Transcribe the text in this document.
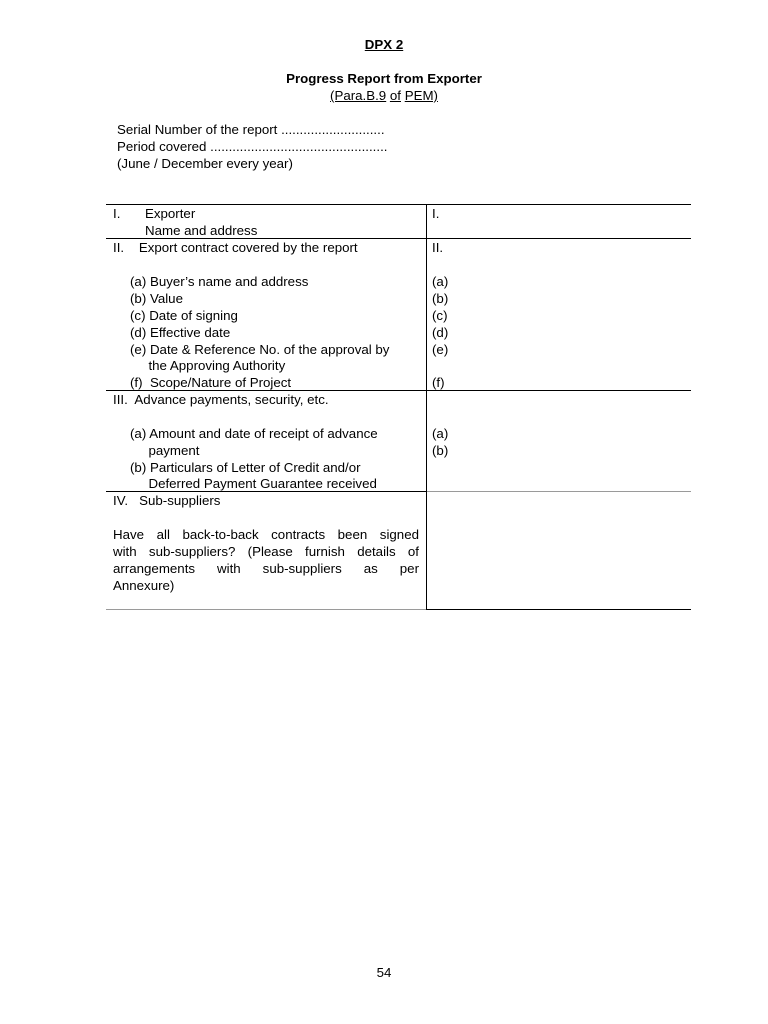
DPX 2
Progress Report from Exporter
(Para.B.9 of PEM)
Serial Number of the report ............................
Period covered ................................................
(June / December every year)
I. Exporter
Name and address
I.
II.    Export contract covered by the report	II.
(a) Buyer’s name and address
(b) Value
(c) Date of signing
(d) Effective date
(e) Date & Reference No. of the approval by
the Approving Authority
(f)  Scope/Nature of Project
(a)
(b)
(c)
(d)
(e)
(f)
III.  Advance payments, security, etc.
(a) Amount and date of receipt of advance
payment
(b) Particulars of Letter of Credit and/or
Deferred Payment Guarantee received
(a)
(b)
IV.   Sub-suppliers
Have all back-to-back contracts been signed
with sub-suppliers? (Please furnish details of
arrangements with sub-suppliers as per
Annexure)
54
